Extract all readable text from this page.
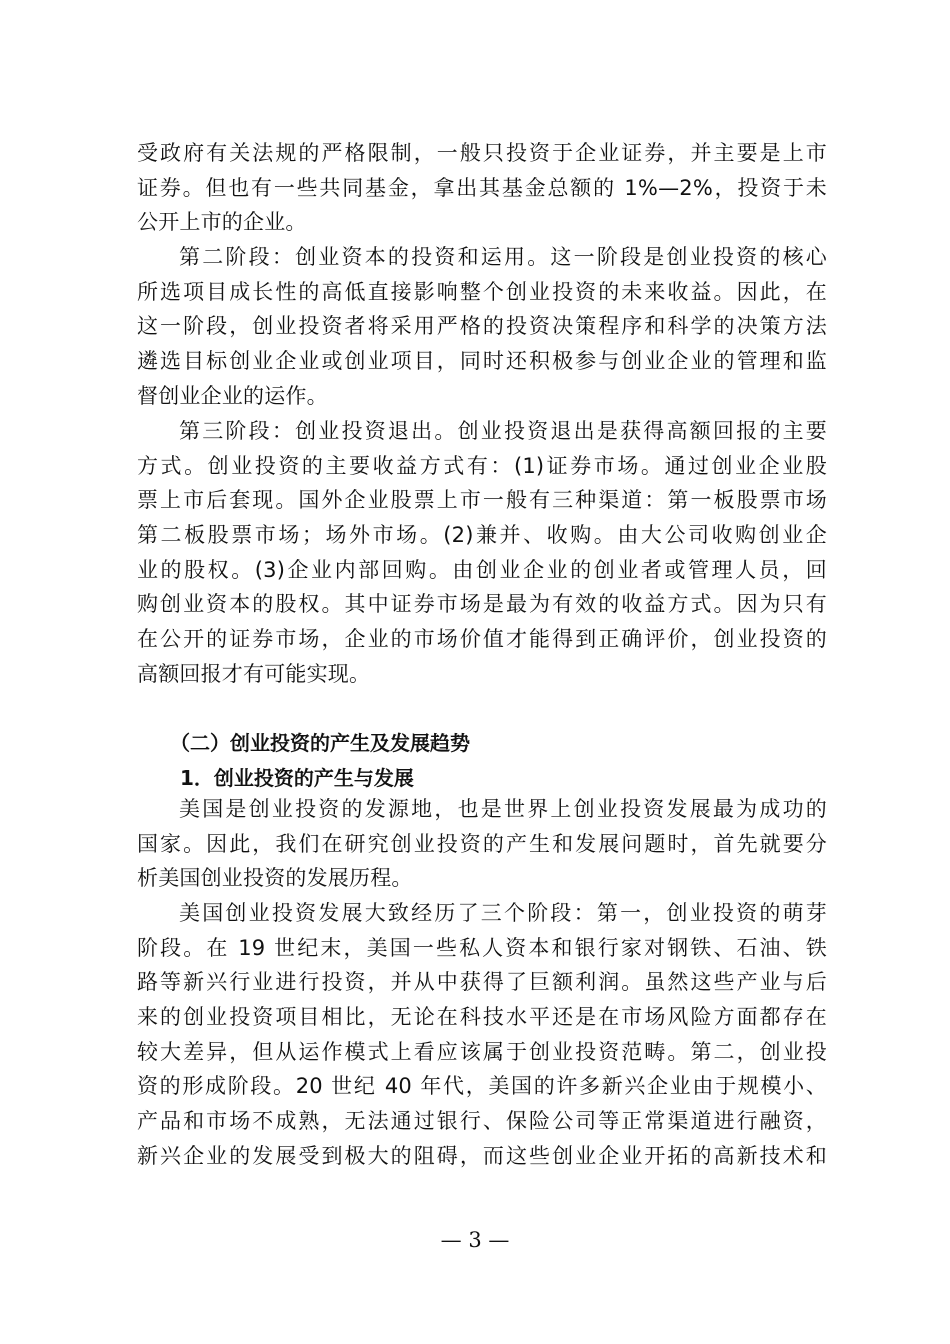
受政府有关法规的严格限制，一般只投资于企业证券，并主要是上市
证券。但也有一些共同基金，拿出其基金总额的 1%—2%，投资于未
公开上市的企业。
第二阶段：创业资本的投资和运用。这一阶段是创业投资的核心
所选项目成长性的高低直接影响整个创业投资的未来收益。因此，在
这一阶段，创业投资者将采用严格的投资决策程序和科学的决策方法
遴选目标创业企业或创业项目，同时还积极参与创业企业的管理和监
督创业企业的运作。
第三阶段：创业投资退出。创业投资退出是获得高额回报的主要
方式。创业投资的主要收益方式有：(1)证券市场。通过创业企业股
票上市后套现。国外企业股票上市一般有三种渠道：第一板股票市场
第二板股票市场；场外市场。(2)兼并、收购。由大公司收购创业企
业的股权。(3)企业内部回购。由创业企业的创业者或管理人员，回
购创业资本的股权。其中证券市场是最为有效的收益方式。因为只有
在公开的证券市场，企业的市场价值才能得到正确评价，创业投资的
高额回报才有可能实现。
（二）创业投资的产生及发展趋势
1．创业投资的产生与发展
美国是创业投资的发源地，也是世界上创业投资发展最为成功的
国家。因此，我们在研究创业投资的产生和发展问题时，首先就要分
析美国创业投资的发展历程。
美国创业投资发展大致经历了三个阶段：第一，创业投资的萌芽
阶段。在 19 世纪末，美国一些私人资本和银行家对钢铁、石油、铁
路等新兴行业进行投资，并从中获得了巨额利润。虽然这些产业与后
来的创业投资项目相比，无论在科技水平还是在市场风险方面都存在
较大差异，但从运作模式上看应该属于创业投资范畴。第二，创业投
资的形成阶段。20 世纪 40 年代，美国的许多新兴企业由于规模小、
产品和市场不成熟，无法通过银行、保险公司等正常渠道进行融资，
新兴企业的发展受到极大的阻碍，而这些创业企业开拓的高新技术和
— 3 —
